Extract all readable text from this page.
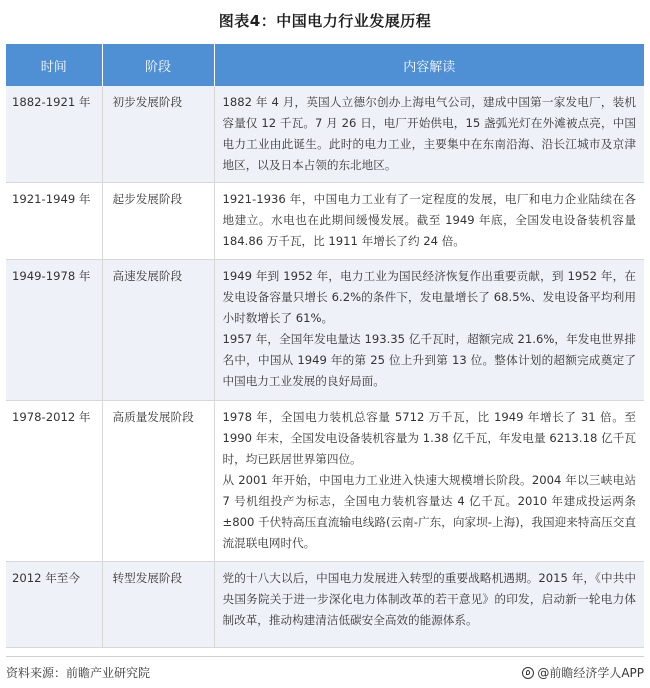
图表4：中国电力行业发展历程
时间	阶段	内容解读
1882-1921 年	初步发展阶段	1882 年 4 月，英国人立德尔创办上海电气公司，建成中国第一家发电厂，装机容量仅 12 千瓦。7 月 26 日，电厂开始供电，15 盏弧光灯在外滩被点亮，中国电力工业由此诞生。此时的电力工业，主要集中在东南沿海、沿长江城市及京津地区，以及日本占领的东北地区。

1921-1949 年	起步发展阶段	1921-1936 年，中国电力工业有了一定程度的发展，电厂和电力企业陆续在各地建立。水电也在此期间缓慢发展。截至 1949 年底，全国发电设备装机容量 184.86 万千瓦，比 1911 年增长了约 24 倍。

1949-1978 年	高速发展阶段	1949 年到 1952 年，电力工业为国民经济恢复作出重要贡献，到 1952 年，在发电设备容量只增长 6.2%的条件下，发电量增长了 68.5%、发电设备平均利用小时数增长了 61%。
1957 年，全国年发电量达 193.35 亿千瓦时，超额完成 21.6%，年发电世界排名中，中国从 1949 年的第 25 位上升到第 13 位。整体计划的超额完成奠定了中国电力工业发展的良好局面。

1978-2012 年	高质量发展阶段	1978 年，全国电力装机总容量 5712 万千瓦，比 1949 年增长了 31 倍。至 1990 年末，全国发电设备装机容量为 1.38 亿千瓦，年发电量 6213.18 亿千瓦时，均已跃居世界第四位。
从 2001 年开始，中国电力工业进入快速大规模增长阶段。2004 年以三峡电站 7 号机组投产为标志，全国电力装机容量达 4 亿千瓦。2010 年建成投运两条±800 千伏特高压直流输电线路(云南-广东，向家坝-上海)，我国迎来特高压交直流混联电网时代。

2012 年至今	转型发展阶段	党的十八大以后，中国电力发展进入转型的重要战略机遇期。2015 年，《中共中央国务院关于进一步深化电力体制改革的若干意见》的印发，启动新一轮电力体制改革，推动构建清洁低碳安全高效的能源体系。
资料来源：前瞻产业研究院	@前瞻经济学人APP
